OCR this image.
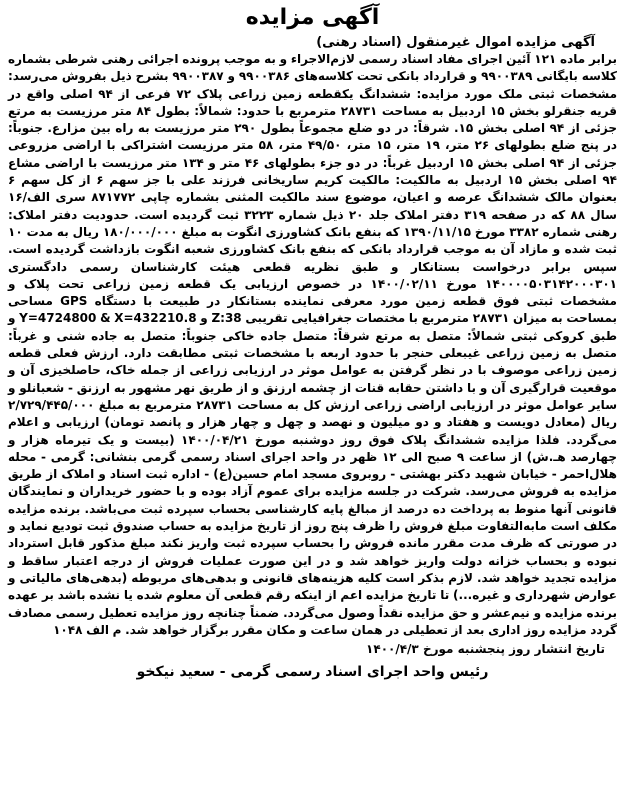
آگهی مزایده
آگهی مزایده اموال غیرمنقول (اسناد رهنی)

برابر ماده ۱۲۱ آئین اجرای مفاد اسناد رسمی لازم‌الاجراء و به موجب پرونده اجرائی رهنی شرطی بشماره کلاسه بایگانی ۹۹۰۰۳۸۹ و قرارداد بانکی تحت کلاسه‌های ۹۹۰۰۳۸۶ و ۹۹۰۰۳۸۷ بشرح ذیل بفروش می‌رسد: مشخصات ثبتی ملک مورد مزایده: ششدانگ یکقطعه زمین زراعی پلاک ۷۲ فرعی از ۹۴ اصلی واقع در قریه جنقرلو بخش ۱۵ اردبیل به مساحت ۲۸۷۳۱ مترمربع با حدود: شمالاً: بطول ۸۴ متر مرزیست به مرتع جزئی از ۹۴ اصلی بخش ۱۵. شرقاً: در دو ضلع مجموعاً بطول ۲۹۰ متر مرزیست به راه بین مزارع. جنوباً: در پنج ضلع بطولهای ۲۶ متر، ۱۹ متر، ۱۵ متر، ۴۹/۵۰ متر، ۵۸ متر مرزیست اشتراکی با اراضی مزروعی جزئی از ۹۴ اصلی بخش ۱۵ اردبیل غرباً: در دو جزء بطولهای ۴۶ متر و ۱۳۴ متر مرزیست با اراضی مشاع ۹۴ اصلی بخش ۱۵ اردبیل به مالکیت: مالکیت کریم ساریخانی فرزند علی با جز سهم ۶ از کل سهم ۶ بعنوان مالک ششدانگ عرصه و اعیان، موضوع سند مالکیت المثنی بشماره چاپی ۸۷۱۷۷۲ سری الف/۱۶ سال ۸۸ که در صفحه ۳۱۹ دفتر املاک جلد ۲۰ ذیل شماره ۳۲۲۳ ثبت گردیده است. حدودیت دفتر املاک: رهنی شماره ۳۳۸۲ مورخ ۱۳۹۰/۱۱/۱۵ که بنفع بانک کشاورزی انگوت به مبلغ ۱۸۰/۰۰۰/۰۰۰ ریال به مدت ۱۰ ثبت شده و مازاد آن به موجب قرارداد بانکی که بنفع بانک کشاورزی شعبه انگوت بازداشت گردیده است. سپس برابر درخواست بستانکار و طبق نظریه قطعی هیئت کارشناسان رسمی دادگستری ۱۴۰۰۰۰۵۰۳۱۴۲۰۰۰۳۰۱ مورخ ۱۴۰۰/۰۲/۱۱ در خصوص ارزیابی یک قطعه زمین زراعی تحت پلاک و مشخصات ثبتی فوق قطعه زمین مورد معرفی نماینده بستانکار در طبیعت با دستگاه GPS مساحی بمساحت به میزان ۲۸۷۳۱ مترمربع با مختصات جغرافیایی تقریبی Z:38 و Y=4724800 & X=432210.8 و طبق کروکی ثبتی شمالاً: متصل به مرتع شرقاً: متصل جاده خاکی جنوباً: متصل به جاده شنی و غرباً: متصل به زمین زراعی غیبعلی حنجر با حدود اربعه با مشخصات ثبتی مطابقت دارد. ارزش فعلی قطعه زمین زراعی موصوف با در نظر گرفتن به عوامل موثر در ارزیابی زراعی از جمله خاک، حاصلخیزی آن و موقعیت قرارگیری آن و با داشتن حقابه قنات از چشمه ارزنق و از طریق نهر مشهور به ارزنق - شعبانلو و سایر عوامل موثر در ارزیابی اراضی زراعی ارزش کل به مساحت ۲۸۷۳۱ مترمربع به مبلغ ۲/۷۲۹/۴۴۵/۰۰۰ ریال (معادل دویست و هفتاد و دو میلیون و نهصد و چهل و چهار هزار و پانصد تومان) ارزیابی و اعلام می‌گردد. فلذا مزایده ششدانگ پلاک فوق روز دوشنبه مورخ ۱۴۰۰/۰۴/۲۱ (بیست و یک تیرماه هزار و چهارصد هـ.ش) از ساعت ۹ صبح الی ۱۲ ظهر در واحد اجرای اسناد رسمی گرمی بنشانی: گرمی - محله هلال‌احمر - خیابان شهید دکتر بهشتی - روبروی مسجد امام حسین(ع) - اداره ثبت اسناد و املاک از طریق مزایده به فروش می‌رسد. شرکت در جلسه مزایده برای عموم آزاد بوده و با حضور خریداران و نمایندگان قانونی آنها منوط به پرداخت ده درصد از مبالغ پایه کارشناسی بحساب سپرده ثبت می‌باشد. برنده مزایده مکلف است مابه‌التفاوت مبلغ فروش را ظرف پنج روز از تاریخ مزایده به حساب صندوق ثبت تودیع نماید و در صورتی که ظرف مدت مقرر مانده فروش را بحساب سپرده ثبت واریز نکند مبلغ مذکور قابل استرداد نبوده و بحساب خزانه دولت واریز خواهد شد و در این صورت عملیات فروش از درجه اعتبار ساقط و مزایده تجدید خواهد شد. لازم بذکر است کلیه هزینه‌های قانونی و بدهی‌های مربوطه (بدهی‌های مالیاتی و عوارض شهرداری و غیره...) تا تاریخ مزایده اعم از اینکه رقم قطعی آن معلوم شده یا نشده باشد بر عهده برنده مزایده و نیم‌عشر و حق مزایده نقداً وصول می‌گردد. ضمناً چنانچه روز مزایده تعطیل رسمی مصادف گردد مزایده روز اداری بعد از تعطیلی در همان ساعت و مکان مقرر برگزار خواهد شد. م الف ۱۰۴۸

تاریخ انتشار روز پنجشنبه مورخ ۱۴۰۰/۴/۳
رئیس واحد اجرای اسناد رسمی گرمی - سعید نیکخو
